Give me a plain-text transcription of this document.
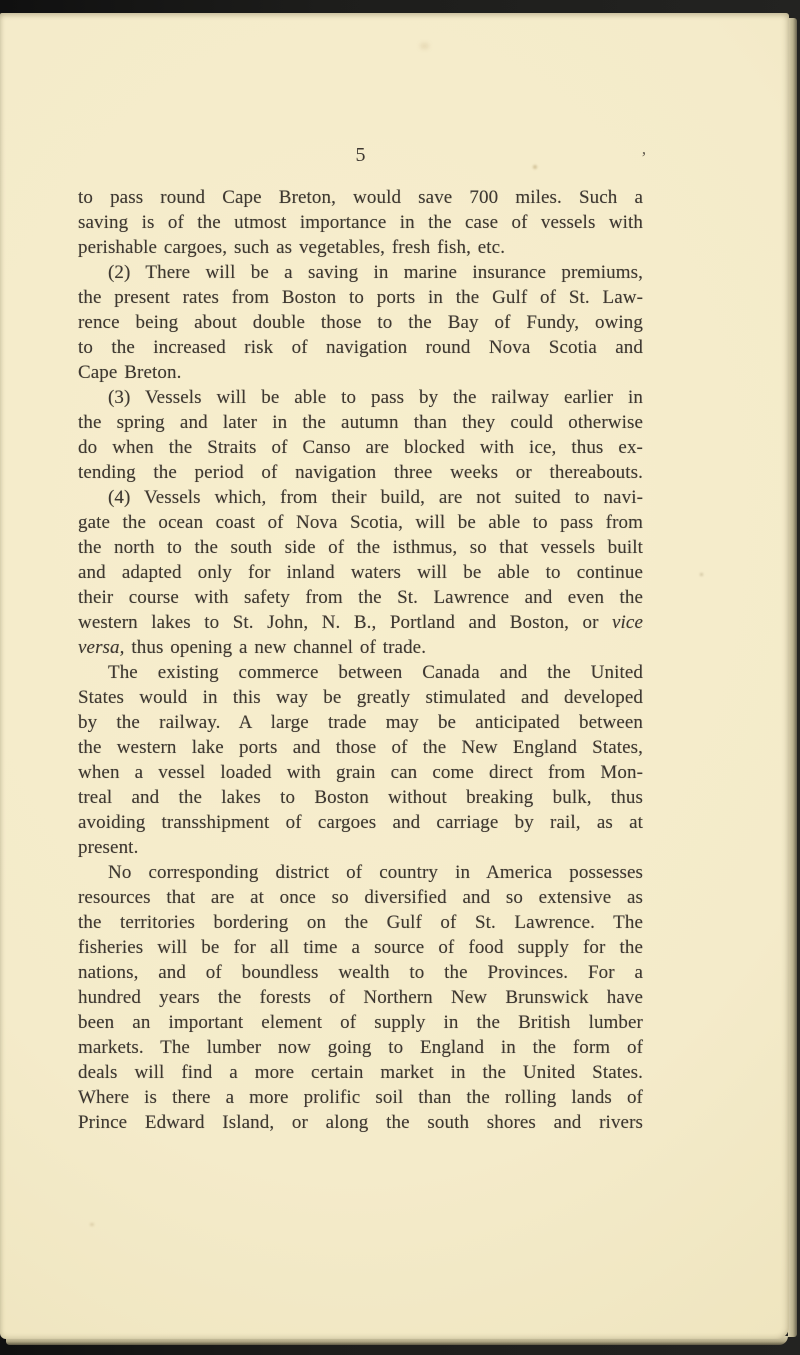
5	’
to pass round Cape Breton, would save 700 miles. Such a
saving is of the utmost importance in the case of vessels with
perishable cargoes, such as vegetables, fresh fish, etc.
(2) There will be a saving in marine insurance premiums,
the present rates from Boston to ports in the Gulf of St. Law-
rence being about double those to the Bay of Fundy, owing
to the increased risk of navigation round Nova Scotia and
Cape Breton.
(3) Vessels will be able to pass by the railway earlier in
the spring and later in the autumn than they could otherwise
do when the Straits of Canso are blocked with ice, thus ex-
tending the period of navigation three weeks or thereabouts.
(4) Vessels which, from their build, are not suited to navi-
gate the ocean coast of Nova Scotia, will be able to pass from
the north to the south side of the isthmus, so that vessels built
and adapted only for inland waters will be able to continue
their course with safety from the St. Lawrence and even the
western lakes to St. John, N. B., Portland and Boston, or vice
versa, thus opening a new channel of trade.
The existing commerce between Canada and the United
States would in this way be greatly stimulated and developed
by the railway. A large trade may be anticipated between
the western lake ports and those of the New England States,
when a vessel loaded with grain can come direct from Mon-
treal and the lakes to Boston without breaking bulk, thus
avoiding transshipment of cargoes and carriage by rail, as at
present.
No corresponding district of country in America possesses
resources that are at once so diversified and so extensive as
the territories bordering on the Gulf of St. Lawrence. The
fisheries will be for all time a source of food supply for the
nations, and of boundless wealth to the Provinces. For a
hundred years the forests of Northern New Brunswick have
been an important element of supply in the British lumber
markets. The lumber now going to England in the form of
deals will find a more certain market in the United States.
Where is there a more prolific soil than the rolling lands of
Prince Edward Island, or along the south shores and rivers
